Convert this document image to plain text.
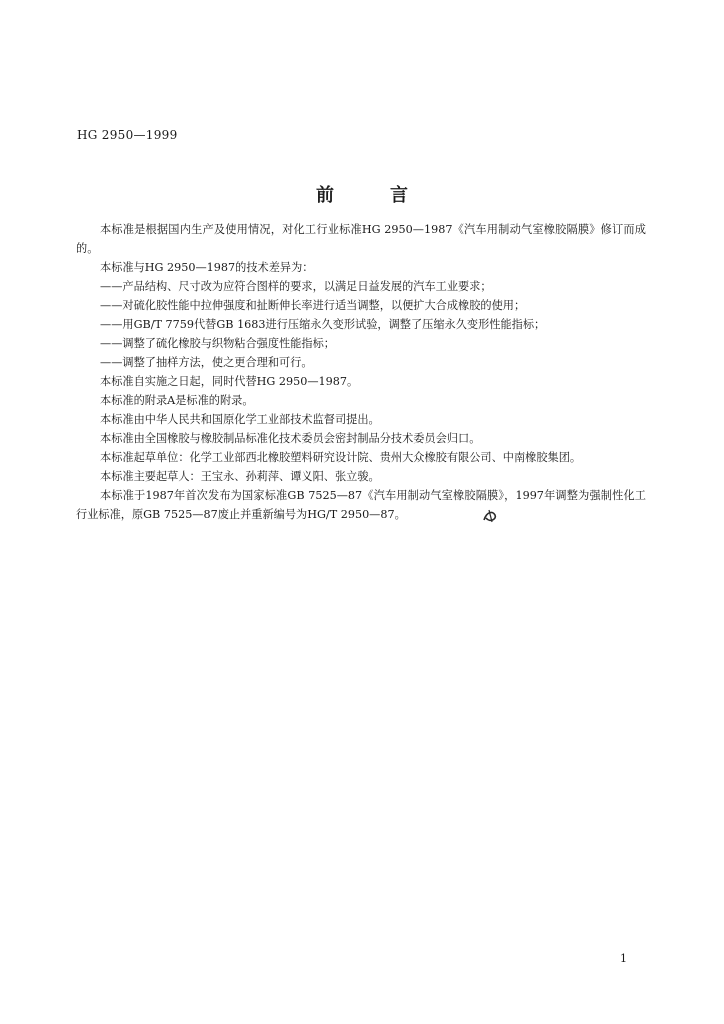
HG 2950—1999
前言

本标准是根据国内生产及使用情况，对化工行业标准HG 2950—1987《汽车用制动气室橡胶隔膜》修订而成的。

本标准与HG 2950—1987的技术差异为：

——产品结构、尺寸改为应符合图样的要求，以满足日益发展的汽车工业要求；

——对硫化胶性能中拉伸强度和扯断伸长率进行适当调整，以便扩大合成橡胶的使用；

——用GB/T 7759代替GB 1683进行压缩永久变形试验，调整了压缩永久变形性能指标；

——调整了硫化橡胶与织物粘合强度性能指标；

——调整了抽样方法，使之更合理和可行。

本标准自实施之日起，同时代替HG 2950—1987。

本标准的附录A是标准的附录。

本标准由中华人民共和国原化学工业部技术监督司提出。

本标准由全国橡胶与橡胶制品标准化技术委员会密封制品分技术委员会归口。

本标准起草单位：化学工业部西北橡胶塑料研究设计院、贵州大众橡胶有限公司、中南橡胶集团。

本标准主要起草人：王宝永、孙莉萍、谭义阳、张立骏。

本标准于1987年首次发布为国家标准GB 7525—87《汽车用制动气室橡胶隔膜》，1997年调整为强制性化工行业标准，原GB 7525—87废止并重新编号为HG/T 2950—87。

1
